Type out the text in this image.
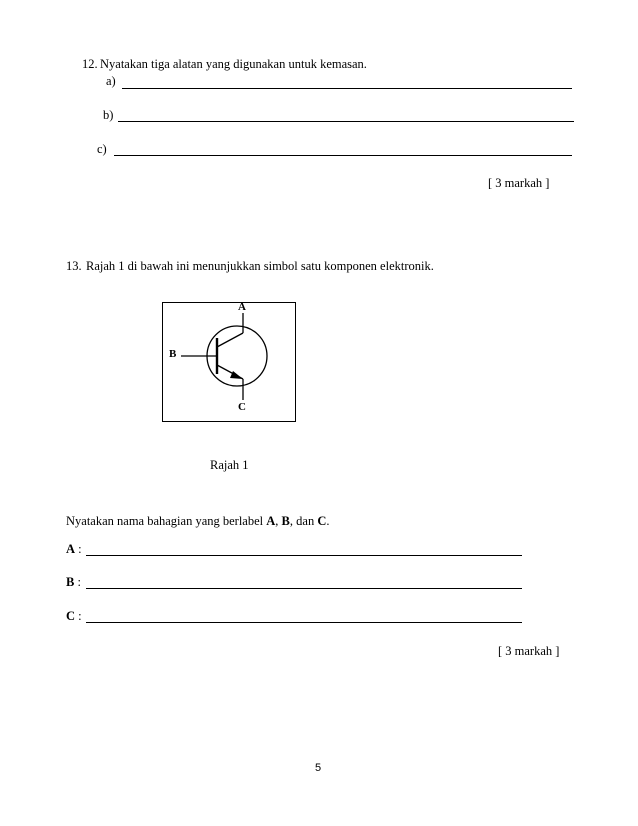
12. Nyatakan tiga alatan yang digunakan untuk kemasan.
a)
b)
c)
[ 3 markah ]
13. Rajah 1 di bawah ini menunjukkan simbol satu komponen elektronik.
A
B
C
Rajah 1
Nyatakan nama bahagian yang berlabel A, B, dan C.
A :
B :
C :
[ 3 markah ]
5
